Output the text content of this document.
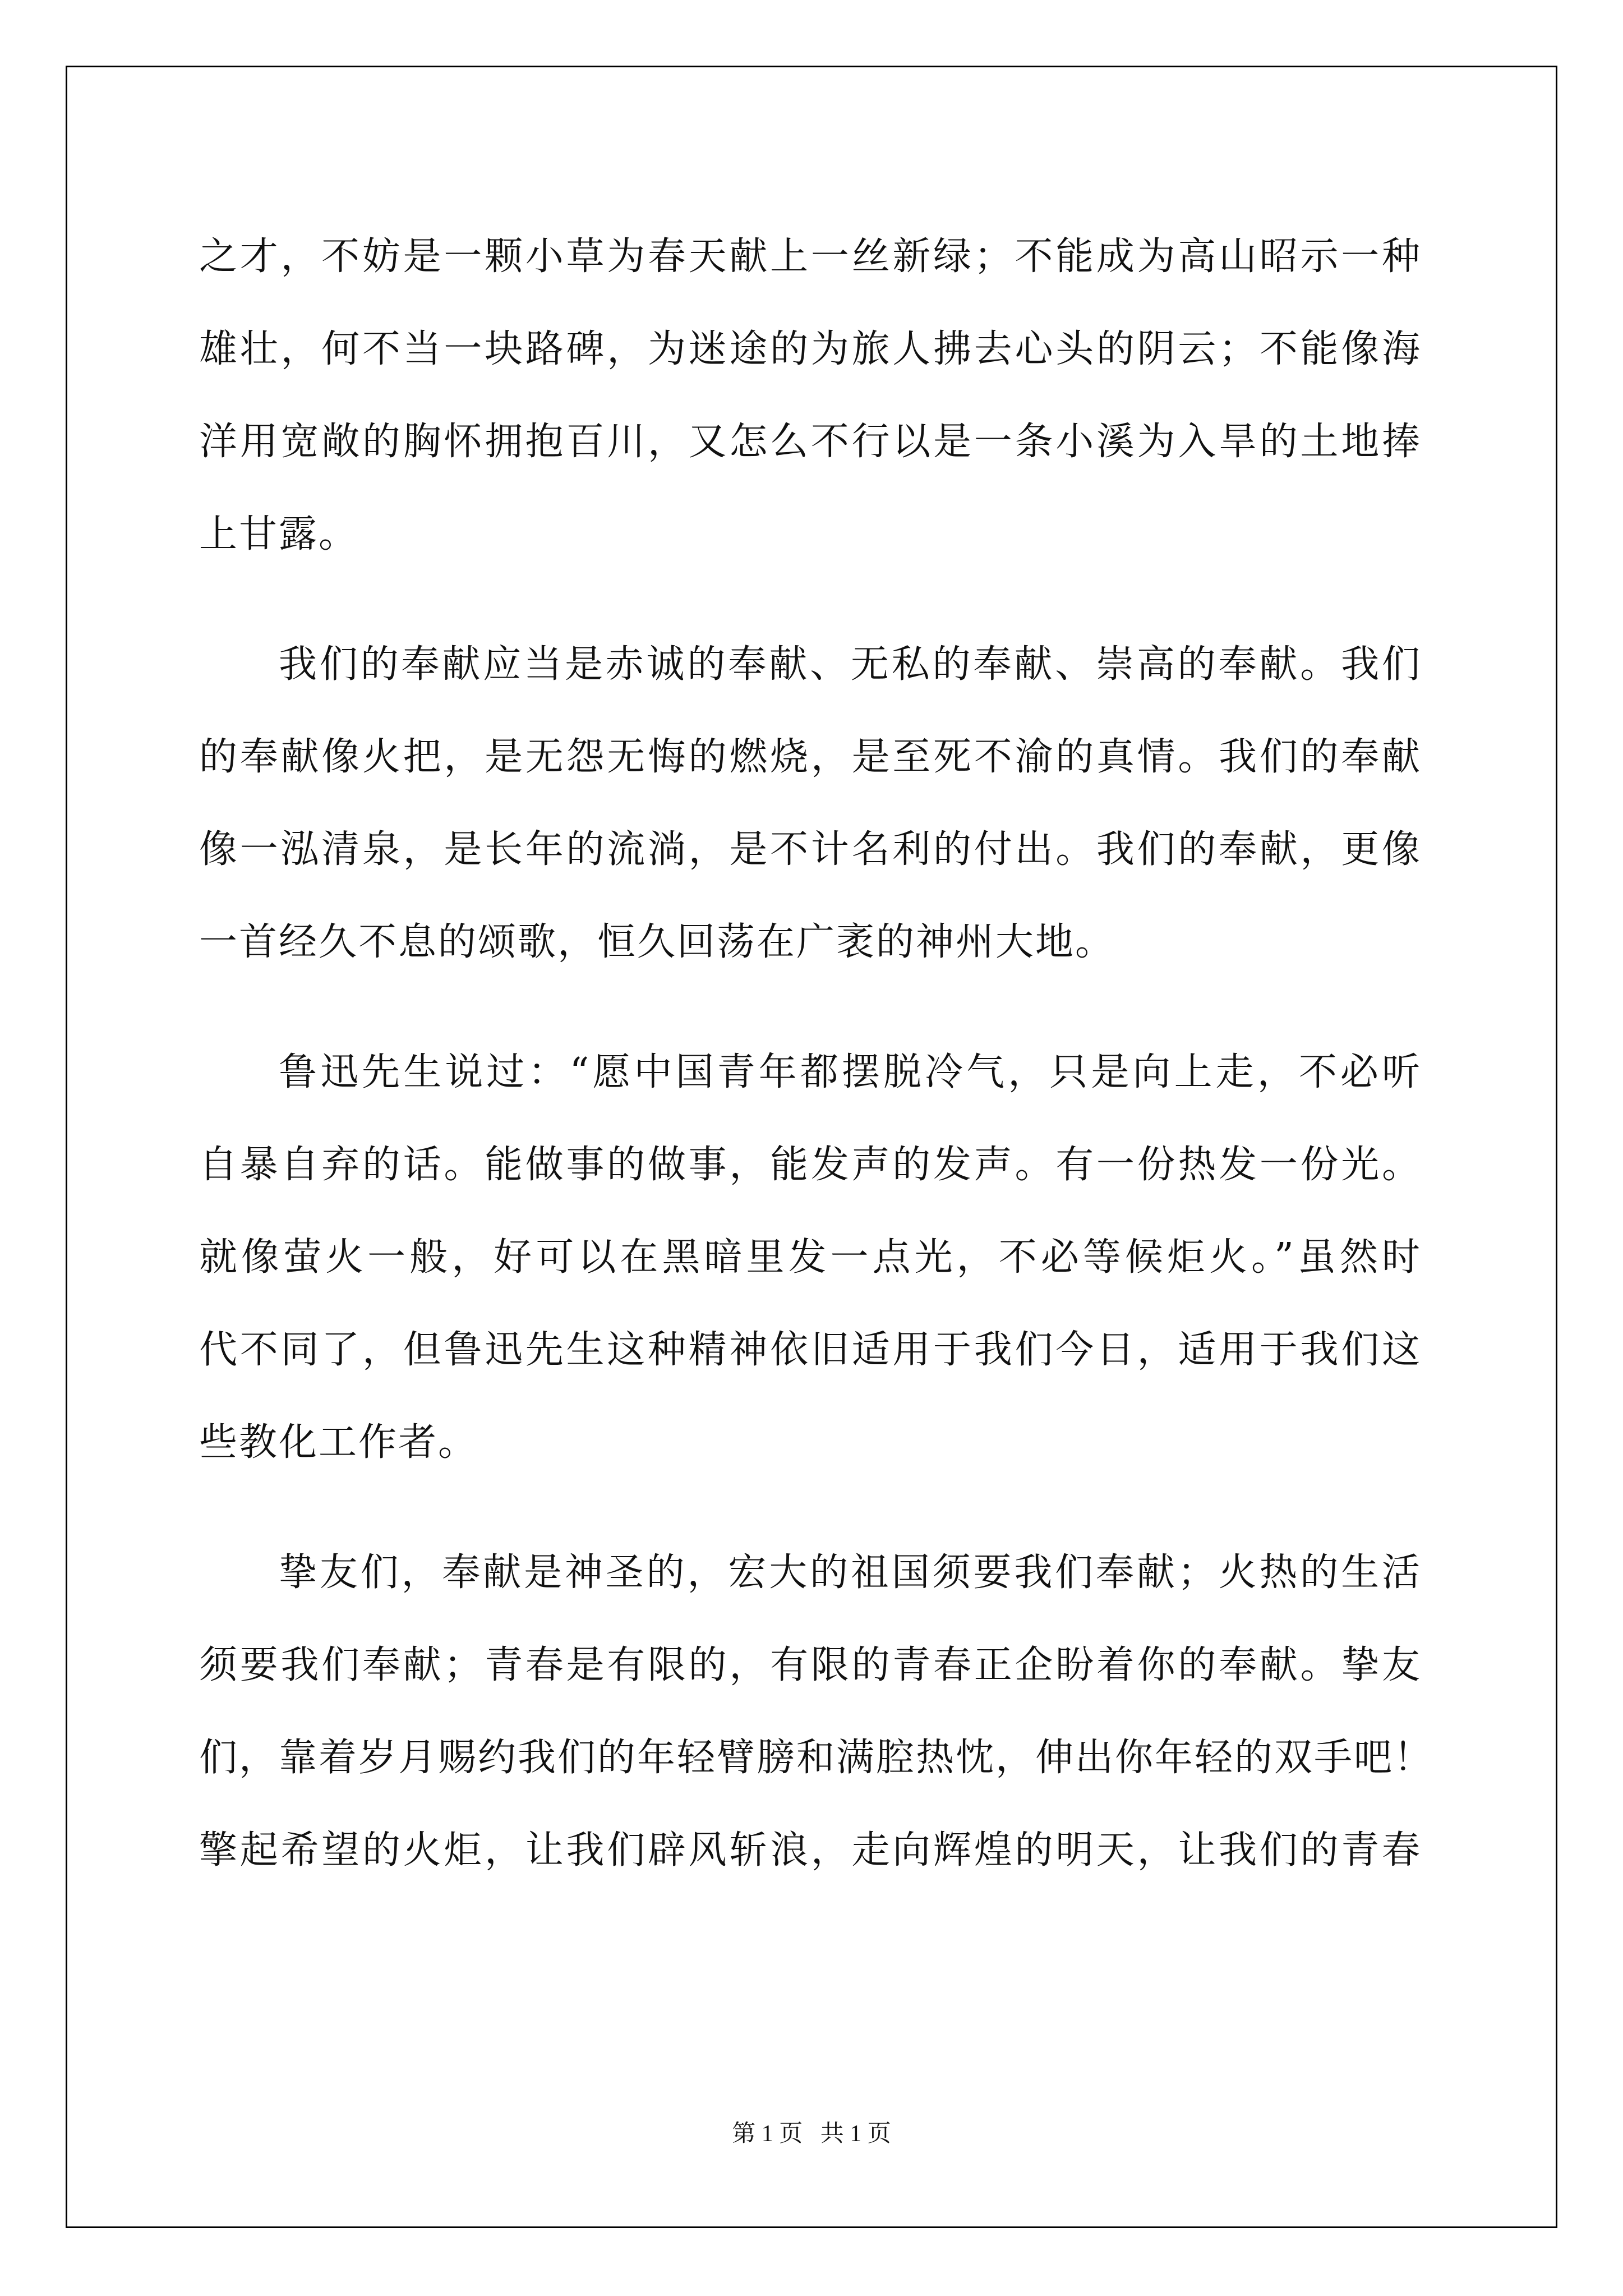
之才，不妨是一颗小草为春天献上一丝新绿；不能成为高山昭示一种
雄壮，何不当一块路碑，为迷途的为旅人拂去心头的阴云；不能像海
洋用宽敞的胸怀拥抱百川，又怎么不行以是一条小溪为入旱的土地捧
上甘露。
我们的奉献应当是赤诚的奉献、无私的奉献、崇高的奉献。我们
的奉献像火把，是无怨无悔的燃烧，是至死不渝的真情。我们的奉献
像一泓清泉，是长年的流淌，是不计名利的付出。我们的奉献，更像
一首经久不息的颂歌，恒久回荡在广袤的神州大地。
鲁迅先生说过：“愿中国青年都摆脱冷气，只是向上走，不必听
自暴自弃的话。能做事的做事，能发声的发声。有一份热发一份光。
就像萤火一般，好可以在黑暗里发一点光，不必等候炬火。”虽然时
代不同了，但鲁迅先生这种精神依旧适用于我们今日，适用于我们这
些教化工作者。
挚友们，奉献是神圣的，宏大的祖国须要我们奉献；火热的生活
须要我们奉献；青春是有限的，有限的青春正企盼着你的奉献。挚友
们，靠着岁月赐约我们的年轻臂膀和满腔热忱，伸出你年轻的双手吧！
擎起希望的火炬，让我们辟风斩浪，走向辉煌的明天，让我们的青春
第 1 页   共 1 页
